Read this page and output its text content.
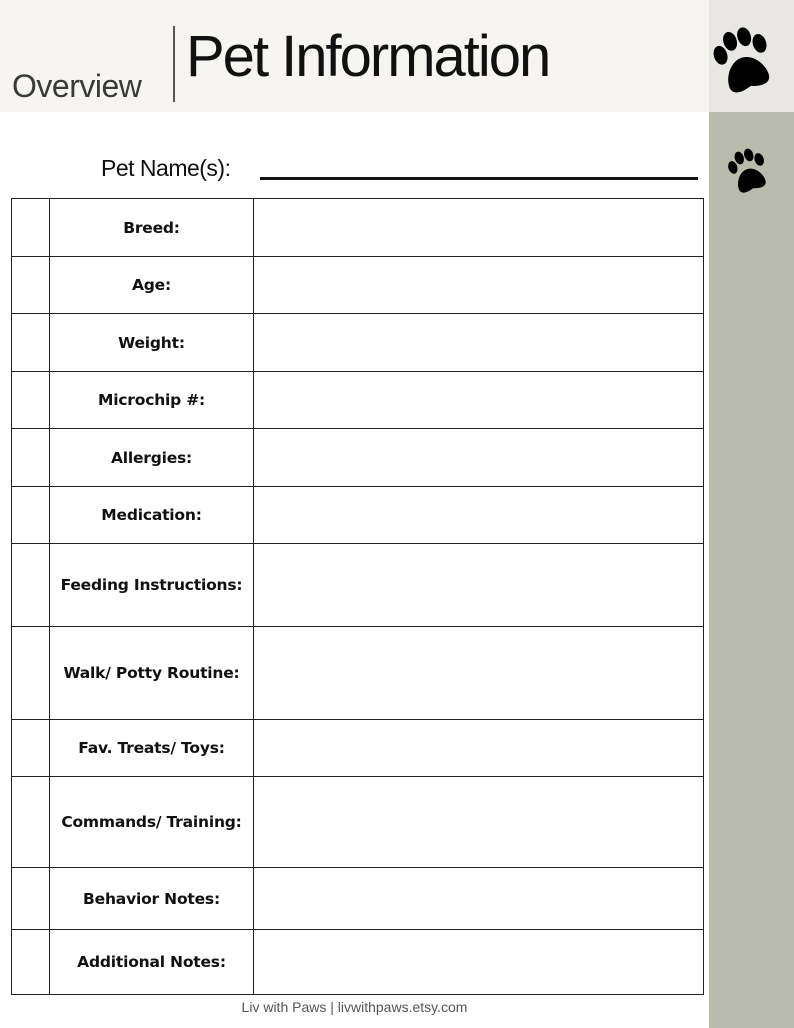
Overview Pet Information
Pet Name(s):
	Breed:	
	Age:	
	Weight:	
	Microchip #:	
	Allergies:	
	Medication:	
	Feeding Instructions:	
	Walk/ Potty Routine:	
	Fav. Treats/ Toys:	
	Commands/ Training:	
	Behavior Notes:	
	Additional Notes:	
Liv with Paws | livwithpaws.etsy.com
